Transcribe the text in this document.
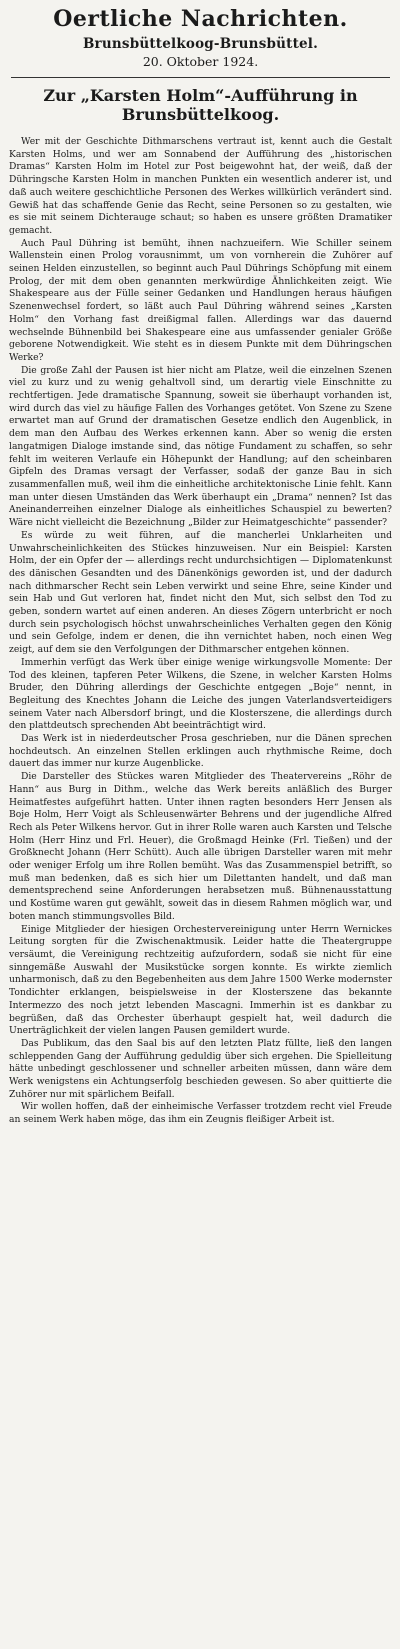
Oertliche Nachrichten.
Brunsbüttelkoog-Brunsbüttel.
20. Oktober 1924.
Zur „Karsten Holm“-Aufführung in Brunsbüttelkoog.

Wer mit der Geschichte Dithmarschens vertraut ist, kennt auch die Gestalt Karsten Holms, und wer am Sonnabend der Aufführung des „historischen Dramas“ Karsten Holm im Hotel zur Post beigewohnt hat, der weiß, daß der Dühringsche Karsten Holm in manchen Punkten ein wesentlich anderer ist, und daß auch weitere geschichtliche Personen des Werkes willkürlich verändert sind. Gewiß hat das schaffende Genie das Recht, seine Personen so zu gestalten, wie es sie mit seinem Dichterauge schaut; so haben es unsere größten Dramatiker gemacht.

Auch Paul Dühring ist bemüht, ihnen nachzueifern. Wie Schiller seinem Wallenstein einen Prolog vorausnimmt, um von vornherein die Zuhörer auf seinen Helden einzustellen, so beginnt auch Paul Dührings Schöpfung mit einem Prolog, der mit dem oben genannten merkwürdige Ähnlichkeiten zeigt. Wie Shakespeare aus der Fülle seiner Gedanken und Handlungen heraus häufigen Szenenwechsel fordert, so läßt auch Paul Dühring während seines „Karsten Holm“ den Vorhang fast dreißigmal fallen. Allerdings war das dauernd wechselnde Bühnenbild bei Shakespeare eine aus umfassender genialer Größe geborene Notwendigkeit. Wie steht es in diesem Punkte mit dem Dühringschen Werke?

Die große Zahl der Pausen ist hier nicht am Platze, weil die einzelnen Szenen viel zu kurz und zu wenig gehaltvoll sind, um derartig viele Einschnitte zu rechtfertigen. Jede dramatische Spannung, soweit sie überhaupt vorhanden ist, wird durch das viel zu häufige Fallen des Vorhanges getötet. Von Szene zu Szene erwartet man auf Grund der dramatischen Gesetze endlich den Augenblick, in dem man den Aufbau des Werkes erkennen kann. Aber so wenig die ersten langatmigen Dialoge imstande sind, das nötige Fundament zu schaffen, so sehr fehlt im weiteren Verlaufe ein Höhepunkt der Handlung; auf den scheinbaren Gipfeln des Dramas versagt der Verfasser, sodaß der ganze Bau in sich zusammenfallen muß, weil ihm die einheitliche architektonische Linie fehlt. Kann man unter diesen Umständen das Werk überhaupt ein „Drama“ nennen? Ist das Aneinanderreihen einzelner Dialoge als einheitliches Schauspiel zu bewerten? Wäre nicht vielleicht die Bezeichnung „Bilder zur Heimatgeschichte“ passender?

Es würde zu weit führen, auf die mancherlei Unklarheiten und Unwahrscheinlichkeiten des Stückes hinzuweisen. Nur ein Beispiel: Karsten Holm, der ein Opfer der — allerdings recht undurchsichtigen — Diplomatenkunst des dänischen Gesandten und des Dänenkönigs geworden ist, und der dadurch nach dithmarscher Recht sein Leben verwirkt und seine Ehre, seine Kinder und sein Hab und Gut verloren hat, findet nicht den Mut, sich selbst den Tod zu geben, sondern wartet auf einen anderen. An dieses Zögern unterbricht er noch durch sein psychologisch höchst unwahrscheinliches Verhalten gegen den König und sein Gefolge, indem er denen, die ihn vernichtet haben, noch einen Weg zeigt, auf dem sie den Verfolgungen der Dithmarscher entgehen können.

Immerhin verfügt das Werk über einige wenige wirkungsvolle Momente: Der Tod des kleinen, tapferen Peter Wilkens, die Szene, in welcher Karsten Holms Bruder, den Dühring allerdings der Geschichte entgegen „Boje“ nennt, in Begleitung des Knechtes Johann die Leiche des jungen Vaterlandsverteidigers seinem Vater nach Albersdorf bringt, und die Klosterszene, die allerdings durch den plattdeutsch sprechenden Abt beeinträchtigt wird.

Das Werk ist in niederdeutscher Prosa geschrieben, nur die Dänen sprechen hochdeutsch. An einzelnen Stellen erklingen auch rhythmische Reime, doch dauert das immer nur kurze Augenblicke.

Die Darsteller des Stückes waren Mitglieder des Theatervereins „Röhr de Hann“ aus Burg in Dithm., welche das Werk bereits anläßlich des Burger Heimatfestes aufgeführt hatten. Unter ihnen ragten besonders Herr Jensen als Boje Holm, Herr Voigt als Schleusenwärter Behrens und der jugendliche Alfred Rech als Peter Wilkens hervor. Gut in ihrer Rolle waren auch Karsten und Telsche Holm (Herr Hinz und Frl. Heuer), die Großmagd Heinke (Frl. Tießen) und der Großknecht Johann (Herr Schütt). Auch alle übrigen Darsteller waren mit mehr oder weniger Erfolg um ihre Rollen bemüht. Was das Zusammenspiel betrifft, so muß man bedenken, daß es sich hier um Dilettanten handelt, und daß man dementsprechend seine Anforderungen herabsetzen muß. Bühnenausstattung und Kostüme waren gut gewählt, soweit das in diesem Rahmen möglich war, und boten manch stimmungsvolles Bild.

Einige Mitglieder der hiesigen Orchestervereinigung unter Herrn Wernickes Leitung sorgten für die Zwischenaktmusik. Leider hatte die Theatergruppe versäumt, die Vereinigung rechtzeitig aufzufordern, sodaß sie nicht für eine sinngemäße Auswahl der Musikstücke sorgen konnte. Es wirkte ziemlich unharmonisch, daß zu den Begebenheiten aus dem Jahre 1500 Werke modernster Tondichter erklangen, beispielsweise in der Klosterszene das bekannte Intermezzo des noch jetzt lebenden Mascagni. Immerhin ist es dankbar zu begrüßen, daß das Orchester überhaupt gespielt hat, weil dadurch die Unerträglichkeit der vielen langen Pausen gemildert wurde.

Das Publikum, das den Saal bis auf den letzten Platz füllte, ließ den langen schleppenden Gang der Aufführung geduldig über sich ergehen. Die Spielleitung hätte unbedingt geschlossener und schneller arbeiten müssen, dann wäre dem Werk wenigstens ein Achtungserfolg beschieden gewesen. So aber quittierte die Zuhörer nur mit spärlichem Beifall.

Wir wollen hoffen, daß der einheimische Verfasser trotzdem recht viel Freude an seinem Werk haben möge, das ihm ein Zeugnis fleißiger Arbeit ist.
